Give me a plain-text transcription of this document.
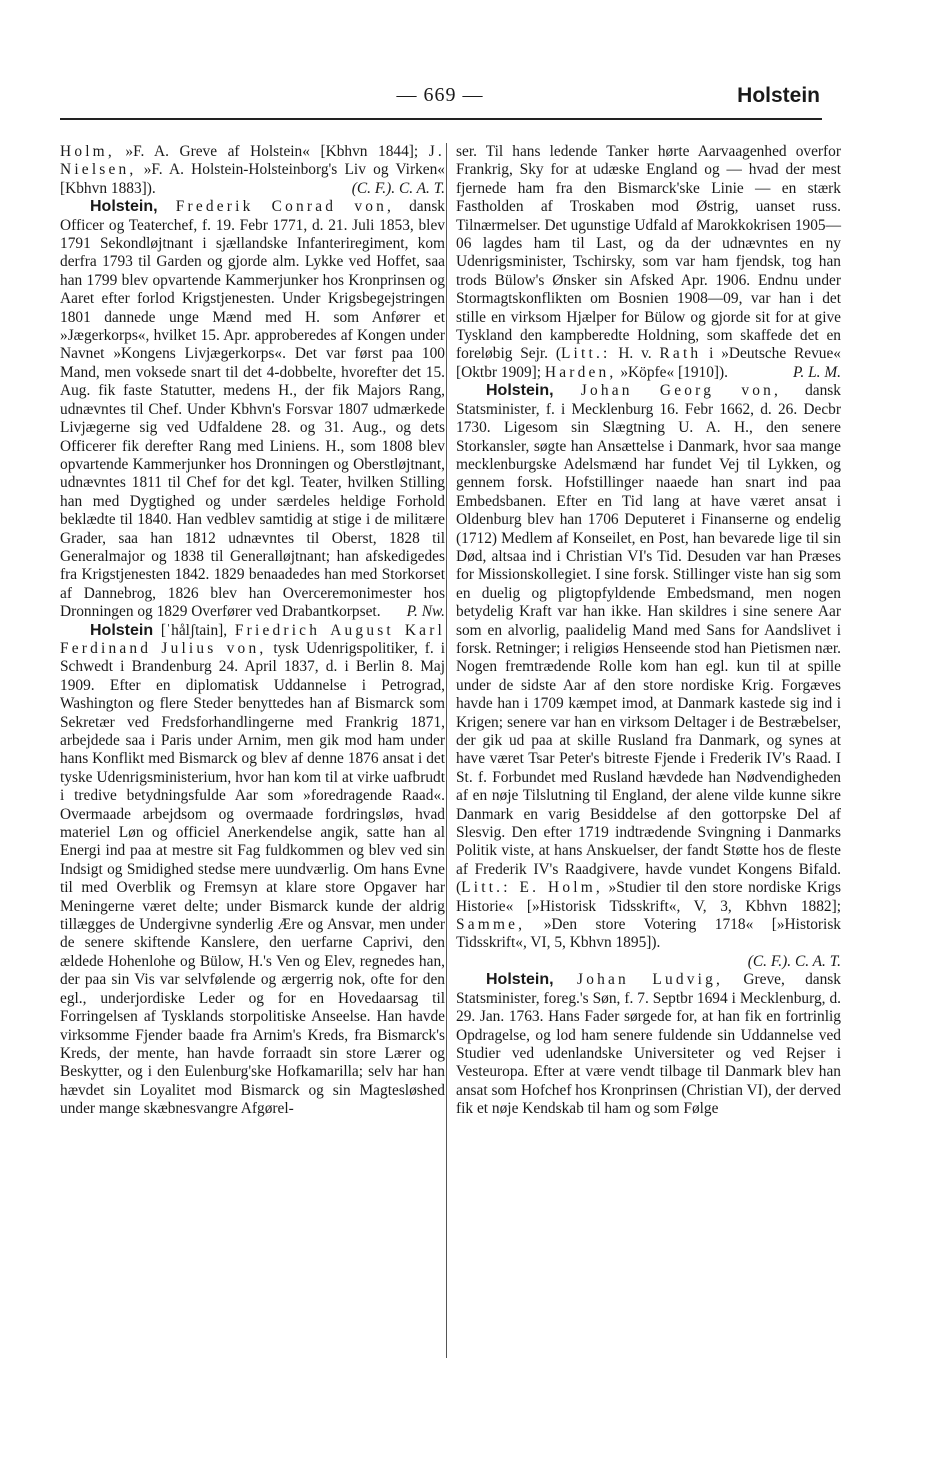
— 669 —	Holstein

Holm, »F. A. Greve af Holstein« [Kbhvn 1844]; J. Nielsen, »F. A. Holstein-Holsteinborg's Liv og Virken« [Kbhvn 1883]).	(C. F.). C. A. T.

Holstein, Frederik Conrad von, dansk Officer og Teaterchef, f. 19. Febr 1771, d. 21. Juli 1853, blev 1791 Sekondløjtnant i sjællandske Infanteriregiment, kom derfra 1793 til Garden og gjorde alm. Lykke ved Hoffet, saa han 1799 blev opvartende Kammerjunker hos Kronprinsen og Aaret efter forlod Krigstjenesten. Under Krigsbegejstringen 1801 dannede unge Mænd med H. som Anfører et »Jægerkorps«, hvilket 15. Apr. approberedes af Kongen under Navnet »Kongens Livjægerkorps«. Det var først paa 100 Mand, men voksede snart til det 4-dobbelte, hvorefter det 15. Aug. fik faste Statutter, medens H., der fik Majors Rang, udnævntes til Chef. Under Kbhvn's Forsvar 1807 udmærkede Livjægerne sig ved Udfaldene 28. og 31. Aug., og dets Officerer fik derefter Rang med Liniens. H., som 1808 blev opvartende Kammerjunker hos Dronningen og Oberstløjtnant, udnævntes 1811 til Chef for det kgl. Teater, hvilken Stilling han med Dygtighed og under særdeles heldige Forhold beklædte til 1840. Han vedblev samtidig at stige i de militære Grader, saa han 1812 udnævntes til Oberst, 1828 til Generalmajor og 1838 til Generalløjtnant; han afskedigedes fra Krigstjenesten 1842. 1829 benaadedes han med Storkorset af Dannebrog, 1826 blev han Overceremonimester hos Dronningen og 1829 Overfører ved Drabantkorpset. P. Nw.

Holstein [ˈhålʃtain], Friedrich August Karl Ferdinand Julius von, tysk Udenrigspolitiker, f. i Schwedt i Brandenburg 24. April 1837, d. i Berlin 8. Maj 1909. Efter en diplomatisk Uddannelse i Petrograd, Washington og flere Steder benyttedes han af Bismarck som Sekretær ved Fredsforhandlingerne med Frankrig 1871, arbejdede saa i Paris under Arnim, men gik mod ham under hans Konflikt med Bismarck og blev af denne 1876 ansat i det tyske Udenrigsministerium, hvor han kom til at virke uafbrudt i tredive betydningsfulde Aar som »foredragende Raad«. Overmaade arbejdsom og overmaade fordringsløs, hvad materiel Løn og officiel Anerkendelse angik, satte han al Energi ind paa at mestre sit Fag fuldkommen og blev ved sin Indsigt og Smidighed stedse mere uundværlig. Om hans Evne til med Overblik og Fremsyn at klare store Opgaver har Meningerne været delte; under Bismarck kunde der aldrig tillægges de Undergivne synderlig Ære og Ansvar, men under de senere skiftende Kanslere, den uerfarne Caprivi, den ældede Hohenlohe og Bülow, H.'s Ven og Elev, regnedes han, der paa sin Vis var selvfølende og ærgerrig nok, ofte for den egl., underjordiske Leder og for en Hovedaarsag til Forringelsen af Tysklands storpolitiske Anseelse. Han havde virksomme Fjender baade fra Arnim's Kreds, fra Bismarck's Kreds, der mente, han havde forraadt sin store Lærer og Beskytter, og i den Eulenburg'ske Hofkamarilla; selv har han hævdet sin Loyalitet mod Bismarck og sin Magtesløshed under mange skæbnesvangre Afgørel-

ser. Til hans ledende Tanker hørte Aarvaagenhed overfor Frankrig, Sky for at udæske England og — hvad der mest fjernede ham fra den Bismarck'ske Linie — en stærk Fastholden af Troskaben mod Østrig, uanset russ. Tilnærmelser. Det ugunstige Udfald af Marokkokrisen 1905—06 lagdes ham til Last, og da der udnævntes en ny Udenrigsminister, Tschirsky, som var ham fjendsk, tog han trods Bülow's Ønsker sin Afsked Apr. 1906. Endnu under Stormagtskonflikten om Bosnien 1908—09, var han i det stille en virksom Hjælper for Bülow og gjorde sit for at give Tyskland den kampberedte Holdning, som skaffede det en foreløbig Sejr. (Litt.: H. v. Rath i »Deutsche Revue« [Oktbr 1909]; Harden, »Köpfe« [1910]).	P. L. M.

Holstein, Johan Georg von, dansk Statsminister, f. i Mecklenburg 16. Febr 1662, d. 26. Decbr 1730. Ligesom sin Slægtning U. A. H., den senere Storkansler, søgte han Ansættelse i Danmark, hvor saa mange mecklenburgske Adelsmænd har fundet Vej til Lykken, og gennem forsk. Hofstillinger naaede han snart ind paa Embedsbanen. Efter en Tid lang at have været ansat i Oldenburg blev han 1706 Deputeret i Finanserne og endelig (1712) Medlem af Konseilet, en Post, han bevarede lige til sin Død, altsaa ind i Christian VI's Tid. Desuden var han Præses for Missionskollegiet. I sine forsk. Stillinger viste han sig som en duelig og pligtopfyldende Embedsmand, men nogen betydelig Kraft var han ikke. Han skildres i sine senere Aar som en alvorlig, paalidelig Mand med Sans for Aandslivet i forsk. Retninger; i religiøs Henseende stod han Pietismen nær. Nogen fremtrædende Rolle kom han egl. kun til at spille under de sidste Aar af den store nordiske Krig. Forgæves havde han i 1709 kæmpet imod, at Danmark kastede sig ind i Krigen; senere var han en virksom Deltager i de Bestræbelser, der gik ud paa at skille Rusland fra Danmark, og synes at have været Tsar Peter's bitreste Fjende i Frederik IV's Raad. I St. f. Forbundet med Rusland hævdede han Nødvendigheden af en nøje Tilslutning til England, der alene vilde kunne sikre Danmark en varig Besiddelse af den gottorpske Del af Slesvig. Den efter 1719 indtrædende Svingning i Danmarks Politik viste, at hans Anskuelser, der fandt Støtte hos de fleste af Frederik IV's Raadgivere, havde vundet Kongens Bifald. (Litt.: E. Holm, »Studier til den store nordiske Krigs Historie« [»Historisk Tidsskrift«, V, 3, Kbhvn 1882]; Samme, »Den store Votering 1718« [»Historisk Tidsskrift«, VI, 5, Kbhvn 1895]).

(C. F.). C. A. T.

Holstein, Johan Ludvig, Greve, dansk Statsminister, foreg.'s Søn, f. 7. Septbr 1694 i Mecklenburg, d. 29. Jan. 1763. Hans Fader sørgede for, at han fik en fortrinlig Opdragelse, og lod ham senere fuldende sin Uddannelse ved Studier ved udenlandske Universiteter og ved Rejser i Vesteuropa. Efter at være vendt tilbage til Danmark blev han ansat som Hofchef hos Kronprinsen (Christian VI), der derved fik et nøje Kendskab til ham og som Følge
